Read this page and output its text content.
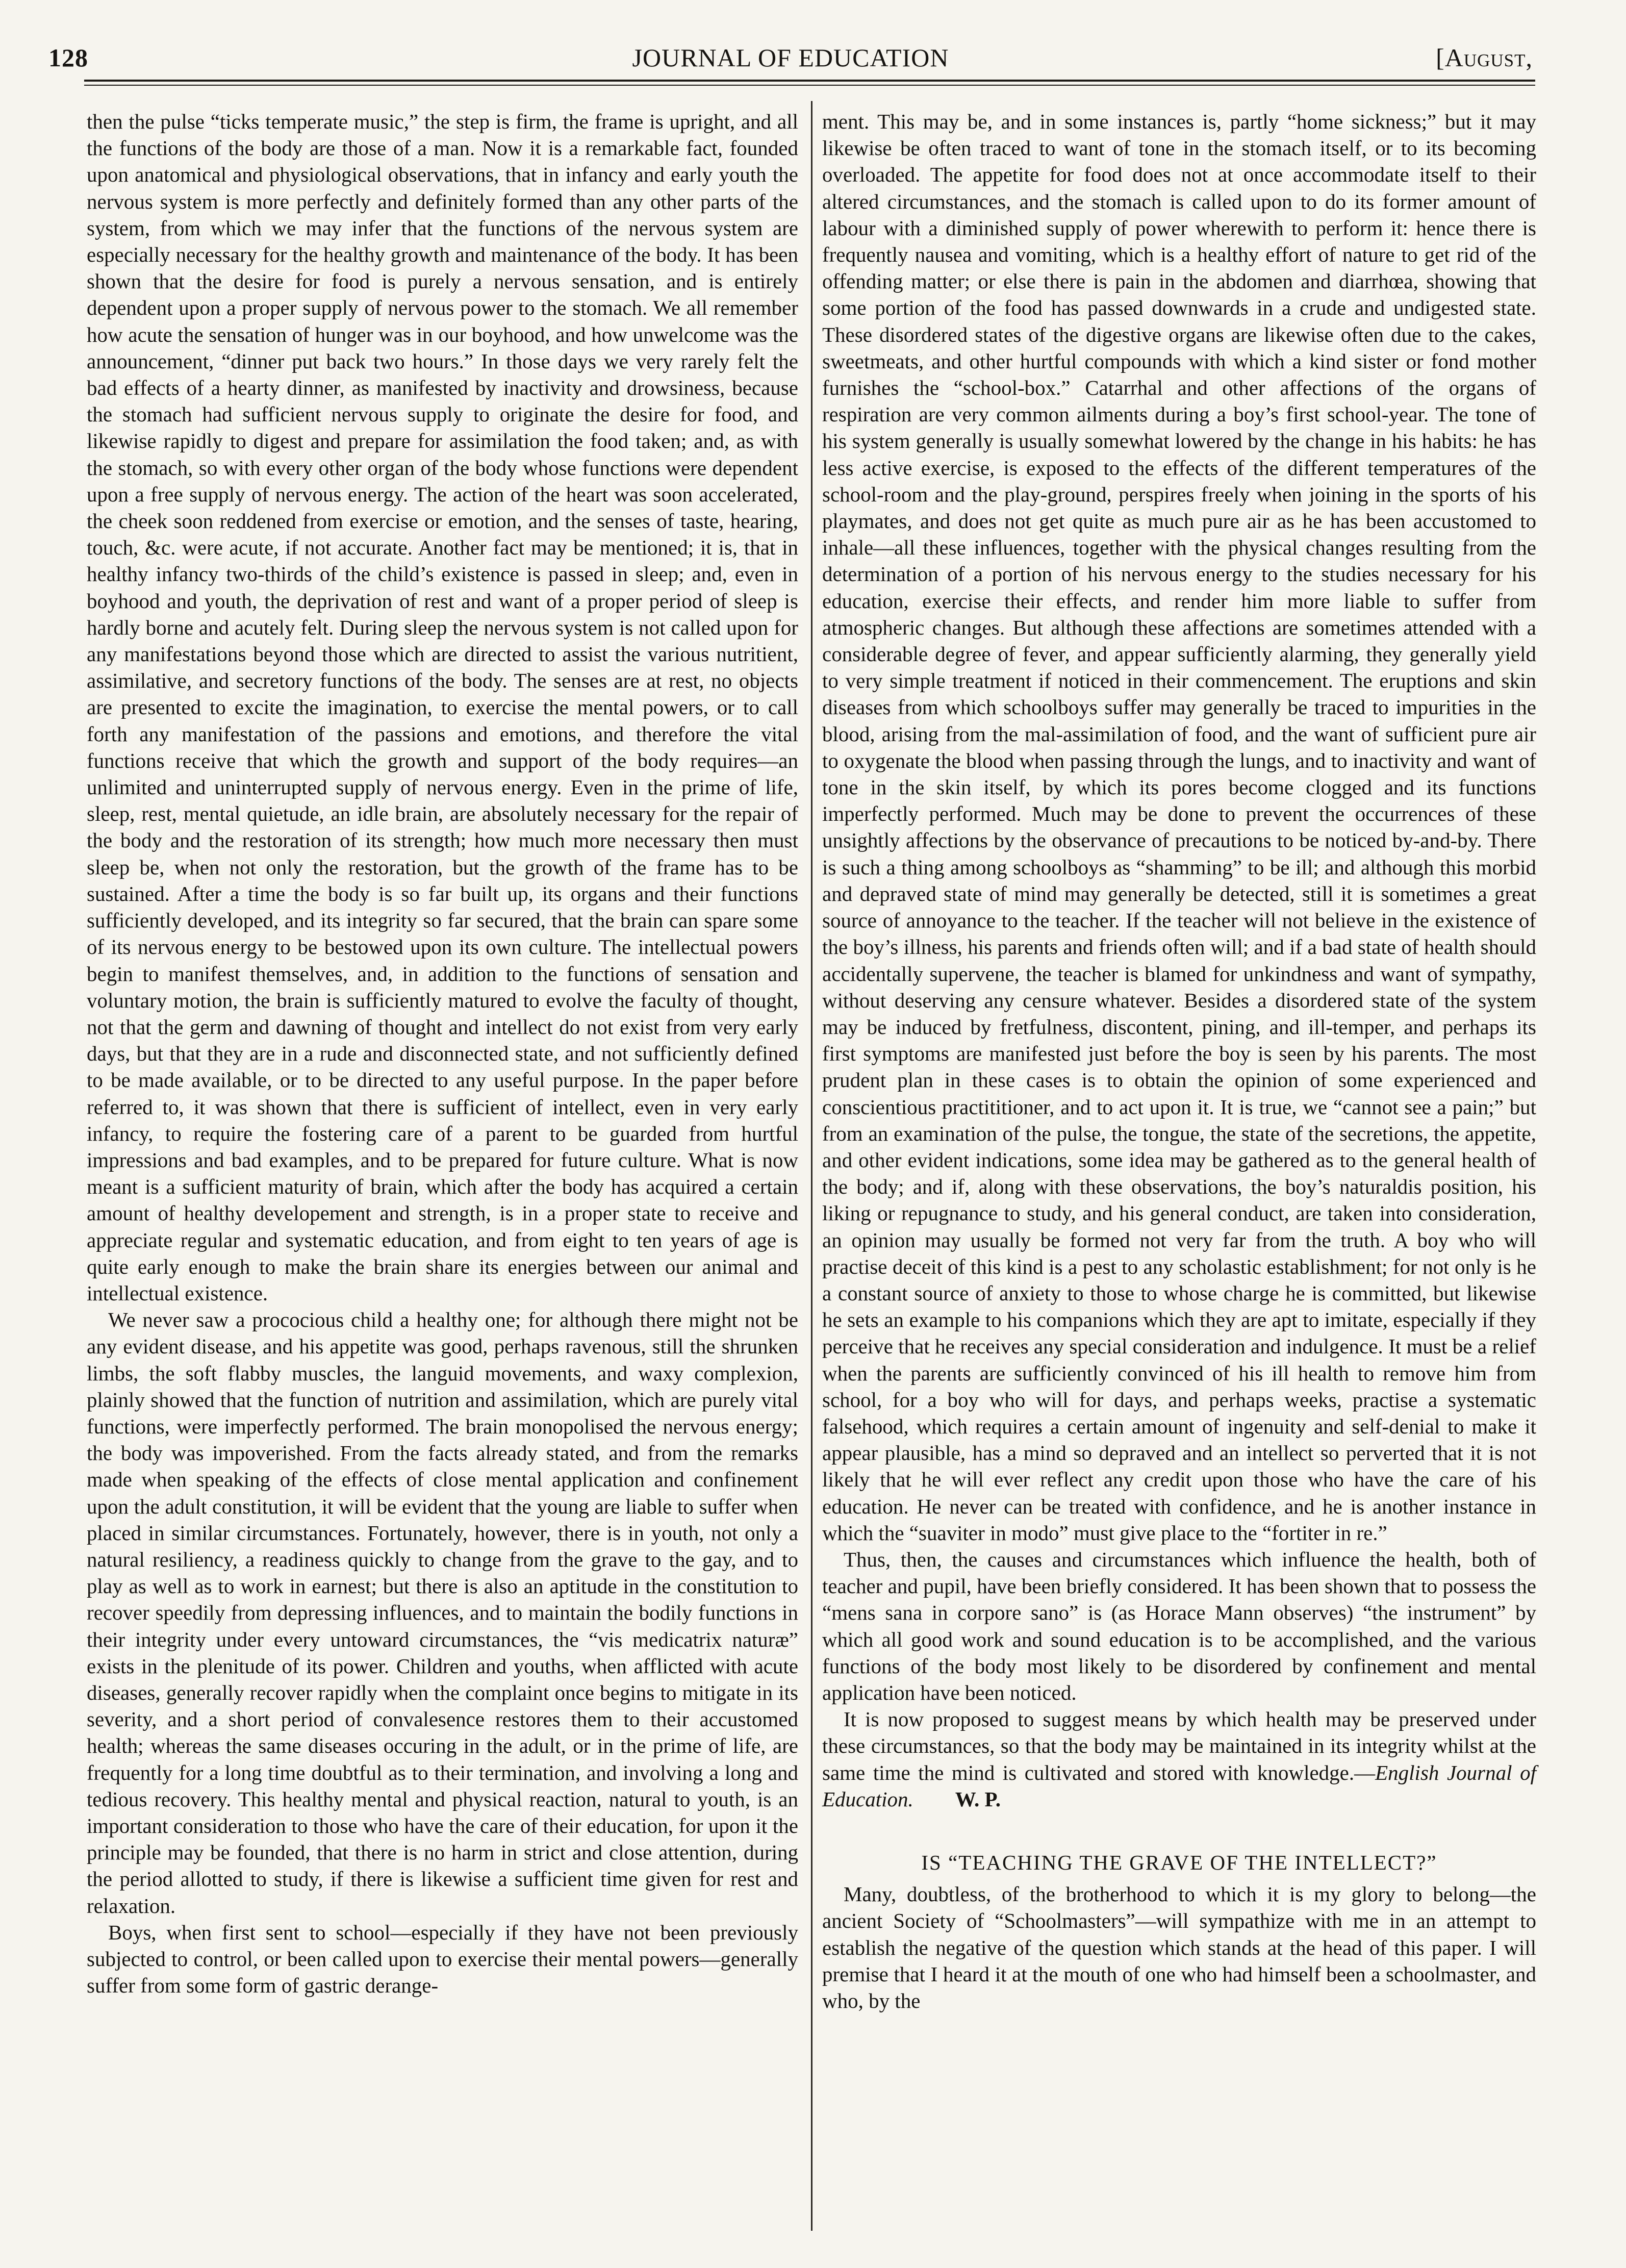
128	JOURNAL OF EDUCATION	[August,

then the pulse “ticks temperate music,” the step is firm, the frame is upright, and all the functions of the body are those of a man. Now it is a remarkable fact, founded upon anatomical and physiological observations, that in infancy and early youth the nervous system is more perfectly and definitely formed than any other parts of the system, from which we may infer that the functions of the nervous system are especially necessary for the healthy growth and maintenance of the body. It has been shown that the desire for food is purely a nervous sensation, and is entirely dependent upon a proper supply of nervous power to the stomach. We all remember how acute the sensation of hunger was in our boyhood, and how unwelcome was the announcement, “dinner put back two hours.” In those days we very rarely felt the bad effects of a hearty dinner, as manifested by inactivity and drowsiness, because the stomach had sufficient nervous supply to originate the desire for food, and likewise rapidly to digest and prepare for assimilation the food taken; and, as with the stomach, so with every other organ of the body whose functions were dependent upon a free supply of nervous energy. The action of the heart was soon accelerated, the cheek soon reddened from exercise or emotion, and the senses of taste, hearing, touch, &c. were acute, if not accurate. Another fact may be mentioned; it is, that in healthy infancy two-thirds of the child’s existence is passed in sleep; and, even in boyhood and youth, the deprivation of rest and want of a proper period of sleep is hardly borne and acutely felt. During sleep the nervous system is not called upon for any manifestations beyond those which are directed to assist the various nutritient, assimilative, and secretory functions of the body. The senses are at rest, no objects are presented to excite the imagination, to exercise the mental powers, or to call forth any manifestation of the passions and emotions, and therefore the vital functions receive that which the growth and support of the body requires—an unlimited and uninterrupted supply of nervous energy. Even in the prime of life, sleep, rest, mental quietude, an idle brain, are absolutely necessary for the repair of the body and the restoration of its strength; how much more necessary then must sleep be, when not only the restoration, but the growth of the frame has to be sustained. After a time the body is so far built up, its organs and their functions sufficiently developed, and its integrity so far secured, that the brain can spare some of its nervous energy to be bestowed upon its own culture. The intellectual powers begin to manifest themselves, and, in addition to the functions of sensation and voluntary motion, the brain is sufficiently matured to evolve the faculty of thought, not that the germ and dawning of thought and intellect do not exist from very early days, but that they are in a rude and disconnected state, and not sufficiently defined to be made available, or to be directed to any useful purpose. In the paper before referred to, it was shown that there is sufficient of intellect, even in very early infancy, to require the fostering care of a parent to be guarded from hurtful impressions and bad examples, and to be prepared for future culture. What is now meant is a sufficient maturity of brain, which after the body has acquired a certain amount of healthy developement and strength, is in a proper state to receive and appreciate regular and systematic education, and from eight to ten years of age is quite early enough to make the brain share its energies between our animal and intellectual existence.

We never saw a prococious child a healthy one; for although there might not be any evident disease, and his appetite was good, perhaps ravenous, still the shrunken limbs, the soft flabby muscles, the languid movements, and waxy complexion, plainly showed that the function of nutrition and assimilation, which are purely vital functions, were imperfectly performed. The brain monopolised the nervous energy; the body was impoverished. From the facts already stated, and from the remarks made when speaking of the effects of close mental application and confinement upon the adult constitution, it will be evident that the young are liable to suffer when placed in similar circumstances. Fortunately, however, there is in youth, not only a natural resiliency, a readiness quickly to change from the grave to the gay, and to play as well as to work in earnest; but there is also an aptitude in the constitution to recover speedily from depressing influences, and to maintain the bodily functions in their integrity under every untoward circumstances, the “vis medicatrix naturæ” exists in the plenitude of its power. Children and youths, when afflicted with acute diseases, generally recover rapidly when the complaint once begins to mitigate in its severity, and a short period of convalesence restores them to their accustomed health; whereas the same diseases occuring in the adult, or in the prime of life, are frequently for a long time doubtful as to their termination, and involving a long and tedious recovery. This healthy mental and physical reaction, natural to youth, is an important consideration to those who have the care of their education, for upon it the principle may be founded, that there is no harm in strict and close attention, during the period allotted to study, if there is likewise a sufficient time given for rest and relaxation.

Boys, when first sent to school—especially if they have not been previously subjected to control, or been called upon to exercise their mental powers—generally suffer from some form of gastric derange-

ment. This may be, and in some instances is, partly “home sickness;” but it may likewise be often traced to want of tone in the stomach itself, or to its becoming overloaded. The appetite for food does not at once accommodate itself to their altered circumstances, and the stomach is called upon to do its former amount of labour with a diminished supply of power wherewith to perform it: hence there is frequently nausea and vomiting, which is a healthy effort of nature to get rid of the offending matter; or else there is pain in the abdomen and diarrhœa, showing that some portion of the food has passed downwards in a crude and undigested state. These disordered states of the digestive organs are likewise often due to the cakes, sweetmeats, and other hurtful compounds with which a kind sister or fond mother furnishes the “school-box.” Catarrhal and other affections of the organs of respiration are very common ailments during a boy’s first school-year. The tone of his system generally is usually somewhat lowered by the change in his habits: he has less active exercise, is exposed to the effects of the different temperatures of the school-room and the play-ground, perspires freely when joining in the sports of his playmates, and does not get quite as much pure air as he has been accustomed to inhale—all these influences, together with the physical changes resulting from the determination of a portion of his nervous energy to the studies necessary for his education, exercise their effects, and render him more liable to suffer from atmospheric changes. But although these affections are sometimes attended with a considerable degree of fever, and appear sufficiently alarming, they generally yield to very simple treatment if noticed in their commencement. The eruptions and skin diseases from which schoolboys suffer may generally be traced to impurities in the blood, arising from the mal-assimilation of food, and the want of sufficient pure air to oxygenate the blood when passing through the lungs, and to inactivity and want of tone in the skin itself, by which its pores become clogged and its functions imperfectly performed. Much may be done to prevent the occurrences of these unsightly affections by the observance of precautions to be noticed by-and-by. There is such a thing among schoolboys as “shamming” to be ill; and although this morbid and depraved state of mind may generally be detected, still it is sometimes a great source of annoyance to the teacher. If the teacher will not believe in the existence of the boy’s illness, his parents and friends often will; and if a bad state of health should accidentally supervene, the teacher is blamed for unkindness and want of sympathy, without deserving any censure whatever. Besides a disordered state of the system may be induced by fretfulness, discontent, pining, and ill-temper, and perhaps its first symptoms are manifested just before the boy is seen by his parents. The most prudent plan in these cases is to obtain the opinion of some experienced and conscientious practititioner, and to act upon it. It is true, we “cannot see a pain;” but from an examination of the pulse, the tongue, the state of the secretions, the appetite, and other evident indications, some idea may be gathered as to the general health of the body; and if, along with these observations, the boy’s naturaldis position, his liking or repugnance to study, and his general conduct, are taken into consideration, an opinion may usually be formed not very far from the truth. A boy who will practise deceit of this kind is a pest to any scholastic establishment; for not only is he a constant source of anxiety to those to whose charge he is committed, but likewise he sets an example to his companions which they are apt to imitate, especially if they perceive that he receives any special consideration and indulgence. It must be a relief when the parents are sufficiently convinced of his ill health to remove him from school, for a boy who will for days, and perhaps weeks, practise a systematic falsehood, which requires a certain amount of ingenuity and self-denial to make it appear plausible, has a mind so depraved and an intellect so perverted that it is not likely that he will ever reflect any credit upon those who have the care of his education. He never can be treated with confidence, and he is another instance in which the “suaviter in modo” must give place to the “fortiter in re.”

Thus, then, the causes and circumstances which influence the health, both of teacher and pupil, have been briefly considered. It has been shown that to possess the “mens sana in corpore sano” is (as Horace Mann observes) “the instrument” by which all good work and sound education is to be accomplished, and the various functions of the body most likely to be disordered by confinement and mental application have been noticed.

It is now proposed to suggest means by which health may be preserved under these circumstances, so that the body may be maintained in its integrity whilst at the same time the mind is cultivated and stored with knowledge.—English Journal of Education. W. P.

IS “TEACHING THE GRAVE OF THE INTELLECT?”

Many, doubtless, of the brotherhood to which it is my glory to belong—the ancient Society of “Schoolmasters”—will sympathize with me in an attempt to establish the negative of the question which stands at the head of this paper. I will premise that I heard it at the mouth of one who had himself been a schoolmaster, and who, by the
